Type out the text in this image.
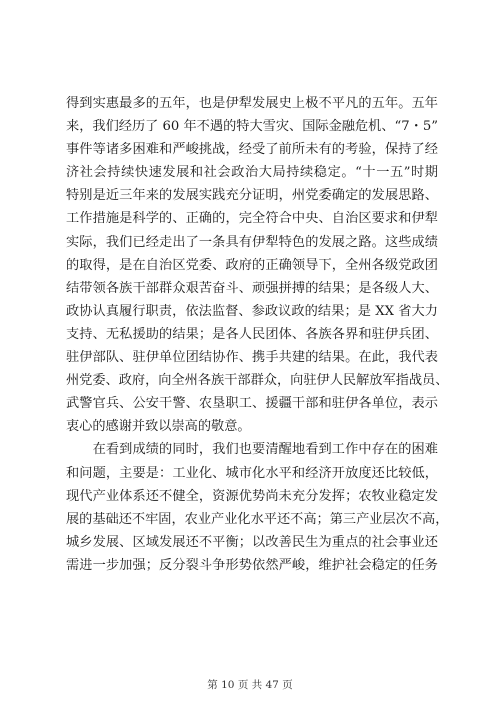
得到实惠最多的五年，也是伊犁发展史上极不平凡的五年。五年
来，我们经历了 60 年不遇的特大雪灾、国际金融危机、“7・5”
事件等诸多困难和严峻挑战，经受了前所未有的考验，保持了经
济社会持续快速发展和社会政治大局持续稳定。“十一五”时期
特别是近三年来的发展实践充分证明，州党委确定的发展思路、
工作措施是科学的、正确的，完全符合中央、自治区要求和伊犁
实际，我们已经走出了一条具有伊犁特色的发展之路。这些成绩
的取得，是在自治区党委、政府的正确领导下，全州各级党政团
结带领各族干部群众艰苦奋斗、顽强拼搏的结果；是各级人大、
政协认真履行职责，依法监督、参政议政的结果；是 XX 省大力
支持、无私援助的结果；是各人民团体、各族各界和驻伊兵团、
驻伊部队、驻伊单位团结协作、携手共建的结果。在此，我代表
州党委、政府，向全州各族干部群众，向驻伊人民解放军指战员、
武警官兵、公安干警、农垦职工、援疆干部和驻伊各单位，表示
衷心的感谢并致以崇高的敬意。
　　在看到成绩的同时，我们也要清醒地看到工作中存在的困难
和问题，主要是：工业化、城市化水平和经济开放度还比较低，
现代产业体系还不健全，资源优势尚未充分发挥；农牧业稳定发
展的基础还不牢固，农业产业化水平还不高；第三产业层次不高，
城乡发展、区域发展还不平衡；以改善民生为重点的社会事业还
需进一步加强；反分裂斗争形势依然严峻，维护社会稳定的任务
第 10 页 共 47 页
